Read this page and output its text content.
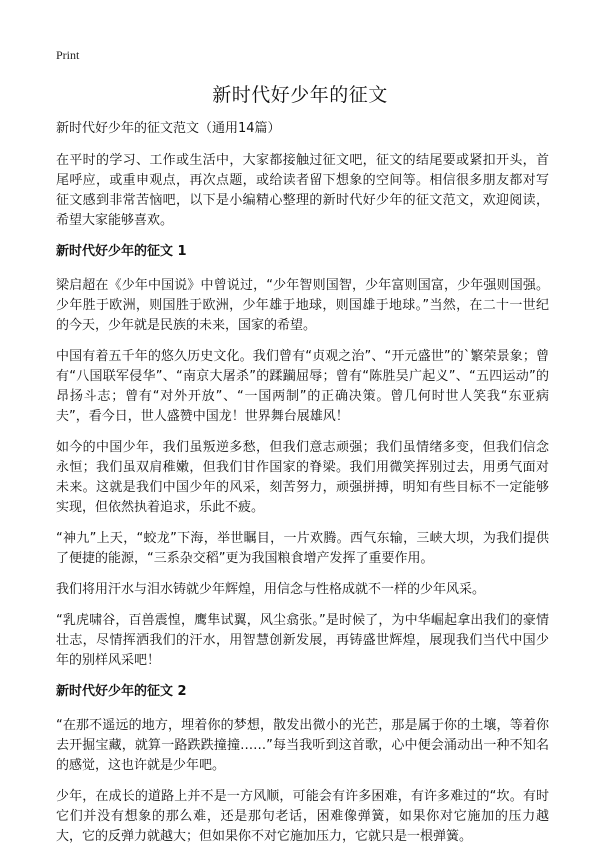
Print
新时代好少年的征文
新时代好少年的征文范文（通用14篇）

在平时的学习、工作或生活中，大家都接触过征文吧，征文的结尾要或紧扣开头，首尾呼应，或重申观点，再次点题，或给读者留下想象的空间等。相信很多朋友都对写征文感到非常苦恼吧，以下是小编精心整理的新时代好少年的征文范文，欢迎阅读，希望大家能够喜欢。

新时代好少年的征文 1

梁启超在《少年中国说》中曾说过，“少年智则国智，少年富则国富，少年强则国强。少年胜于欧洲，则国胜于欧洲，少年雄于地球，则国雄于地球。”当然，在二十一世纪的今天，少年就是民族的未来，国家的希望。

中国有着五千年的悠久历史文化。我们曾有“贞观之治”、“开元盛世”的`繁荣景象；曾有“八国联军侵华”、“南京大屠杀”的蹂躏屈辱；曾有“陈胜吴广起义”、“五四运动”的昂扬斗志；曾有“对外开放”、“一国两制”的正确决策。曾几何时世人笑我“东亚病夫”，看今日，世人盛赞中国龙！世界舞台展雄风！

如今的中国少年，我们虽叛逆多愁，但我们意志顽强；我们虽情绪多变，但我们信念永恒；我们虽双肩稚嫩，但我们甘作国家的脊梁。我们用微笑挥别过去，用勇气面对未来。这就是我们中国少年的风采，刻苦努力，顽强拼搏，明知有些目标不一定能够实现，但依然执着追求，乐此不疲。

“神九”上天，“蛟龙”下海，举世瞩目，一片欢腾。西气东输，三峡大坝，为我们提供了便捷的能源，“三系杂交稻”更为我国粮食增产发挥了重要作用。

我们将用汗水与泪水铸就少年辉煌，用信念与性格成就不一样的少年风采。

“乳虎啸谷，百兽震惶，鹰隼试翼，风尘翕张。”是时候了，为中华崛起拿出我们的豪情壮志，尽情挥洒我们的汗水，用智慧创新发展，再铸盛世辉煌，展现我们当代中国少年的别样风采吧！

新时代好少年的征文 2

“在那不遥远的地方，埋着你的梦想，散发出微小的光芒，那是属于你的土壤，等着你去开掘宝藏，就算一路跌跌撞撞……”每当我听到这首歌，心中便会涌动出一种不知名的感觉，这也许就是少年吧。

少年，在成长的道路上并不是一方风顺，可能会有许多困难，有许多难过的“坎。有时它们并没有想象的那么难，还是那句老话，困难像弹簧，如果你对它施加的压力越大，它的反弹力就越大；但如果你不对它施加压力，它就只是一根弹簧。
